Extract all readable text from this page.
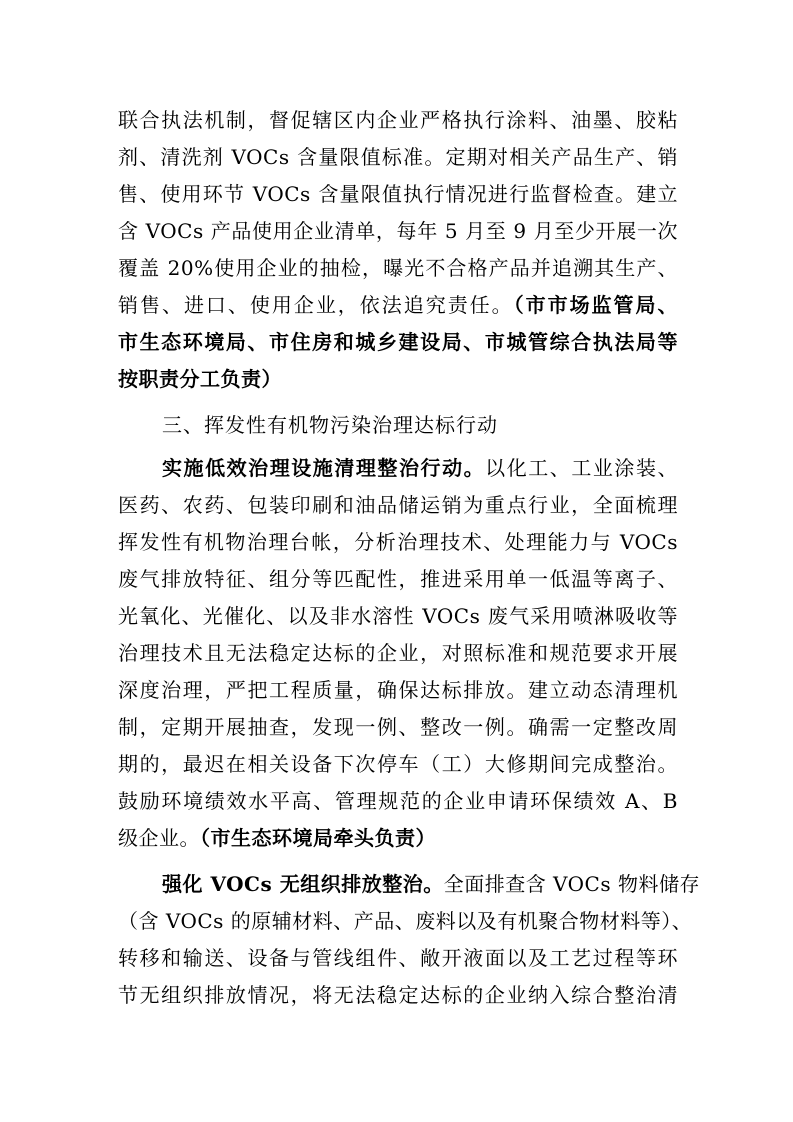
联合执法机制，督促辖区内企业严格执行涂料、油墨、胶粘
剂、清洗剂 VOCs 含量限值标准。定期对相关产品生产、销
售、使用环节 VOCs 含量限值执行情况进行监督检查。建立
含 VOCs 产品使用企业清单，每年 5 月至 9 月至少开展一次
覆盖 20%使用企业的抽检，曝光不合格产品并追溯其生产、
销售、进口、使用企业，依法追究责任。（市市场监管局、
市生态环境局、市住房和城乡建设局、市城管综合执法局等
按职责分工负责）
三、挥发性有机物污染治理达标行动
实施低效治理设施清理整治行动。以化工、工业涂装、
医药、农药、包装印刷和油品储运销为重点行业，全面梳理
挥发性有机物治理台帐，分析治理技术、处理能力与 VOCs
废气排放特征、组分等匹配性，推进采用单一低温等离子、
光氧化、光催化、以及非水溶性 VOCs 废气采用喷淋吸收等
治理技术且无法稳定达标的企业，对照标准和规范要求开展
深度治理，严把工程质量，确保达标排放。建立动态清理机
制，定期开展抽查，发现一例、整改一例。确需一定整改周
期的，最迟在相关设备下次停车（工）大修期间完成整治。
鼓励环境绩效水平高、管理规范的企业申请环保绩效 A、B
级企业。（市生态环境局牵头负责）
强化 VOCs 无组织排放整治。全面排查含 VOCs 物料储存
（含 VOCs 的原辅材料、产品、废料以及有机聚合物材料等）、
转移和输送、设备与管线组件、敞开液面以及工艺过程等环
节无组织排放情况，将无法稳定达标的企业纳入综合整治清
